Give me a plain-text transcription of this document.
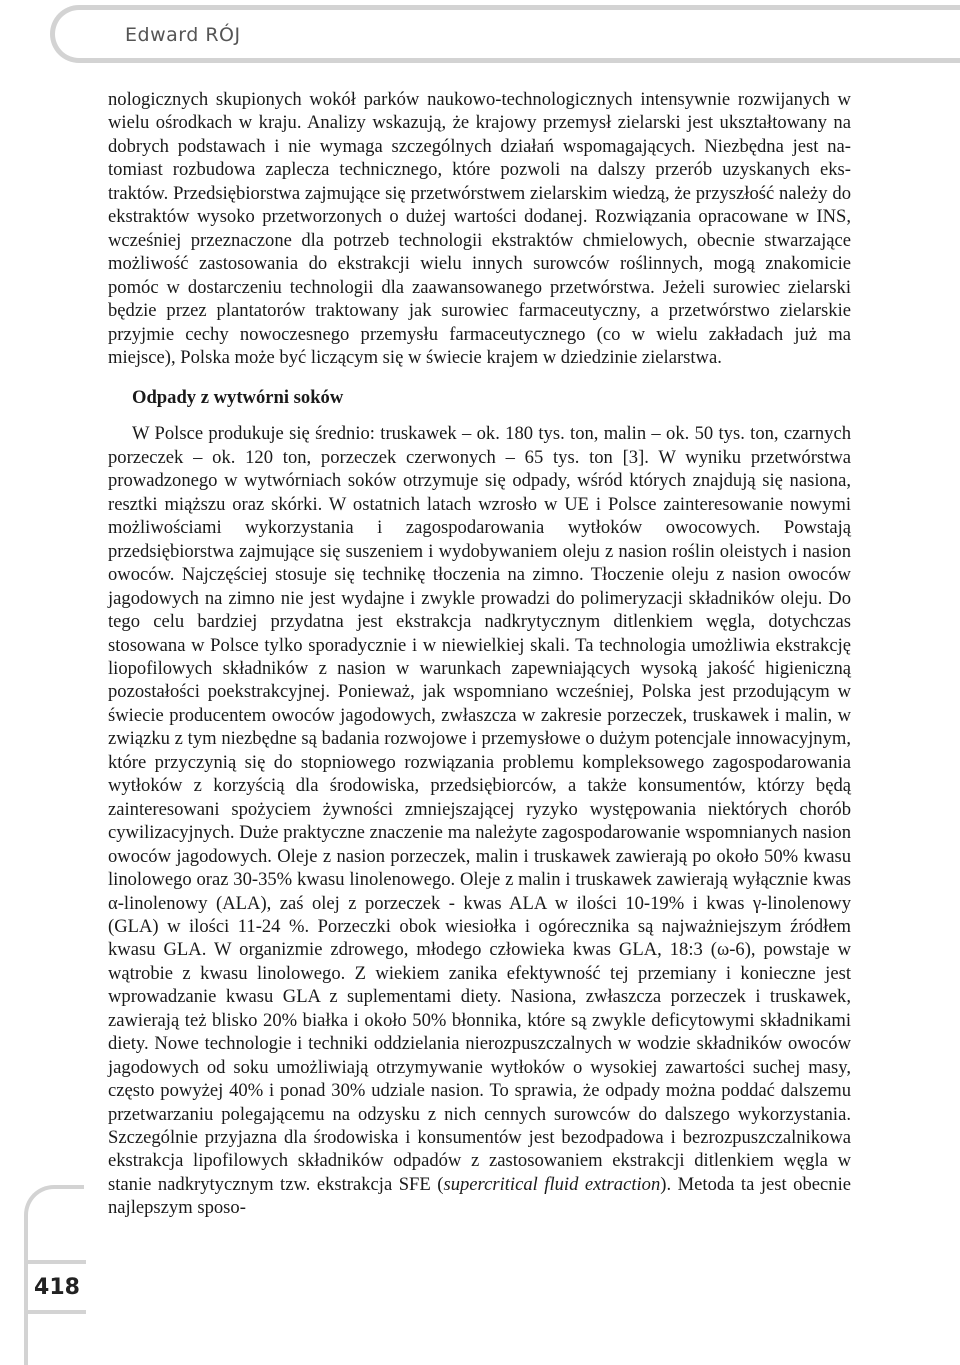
Edward RÓJ

nologicznych skupionych wokół parków naukowo-technologicznych intensywnie rozwijanych w wielu ośrodkach w kraju. Analizy wskazują, że krajowy przemysł zielarski jest ukształtowany na dobrych podstawach i nie wymaga szczególnych działań wspomagających. Niezbędna jest natomiast rozbudowa zaplecza technicznego, które pozwoli na dalszy przerób uzyskanych ekstraktów. Przedsiębiorstwa zajmujące się przetwórstwem zielarskim wiedzą, że przyszłość należy do ekstraktów wysoko przetworzonych o dużej wartości dodanej. Rozwiązania opracowane w INS, wcześniej przeznaczone dla potrzeb technologii ekstraktów chmielowych, obecnie stwarzające możliwość zastosowania do ekstrakcji wielu innych surowców roślinnych, mogą znakomicie pomóc w dostarczeniu technologii dla zaawansowanego przetwórstwa. Jeżeli surowiec zielarski będzie przez plantatorów traktowany jak surowiec farmaceutyczny, a przetwórstwo zielarskie przyjmie cechy nowoczesnego przemysłu farmaceutycznego (co w wielu zakładach już ma miejsce), Polska może być liczącym się w świecie krajem w dziedzinie zielarstwa.

Odpady z wytwórni soków

W Polsce produkuje się średnio: truskawek – ok. 180 tys. ton, malin – ok. 50 tys. ton, czarnych porzeczek – ok. 120 ton, porzeczek czerwonych – 65 tys. ton [3]. W wyniku przetwórstwa prowadzonego w wytwórniach soków otrzymuje się odpady, wśród których znajdują się nasiona, resztki miąższu oraz skórki. W ostatnich latach wzrosło w UE i Polsce zainteresowanie nowymi możliwościami wykorzystania i zagospodarowania wytłoków owocowych. Powstają przedsiębiorstwa zajmujące się suszeniem i wydobywaniem oleju z nasion roślin oleistych i nasion owoców. Najczęściej stosuje się technikę tłoczenia na zimno. Tłoczenie oleju z nasion owoców jagodowych na zimno nie jest wydajne i zwykle prowadzi do polimeryzacji składników oleju. Do tego celu bardziej przydatna jest ekstrakcja nadkrytycznym ditlenkiem węgla, dotychczas stosowana w Polsce tylko sporadycznie i w niewielkiej skali. Ta technologia umożliwia ekstrakcję liopofilowych składników z nasion w warunkach zapewniających wysoką jakość higieniczną pozostałości poekstrakcyjnej. Ponieważ, jak wspomniano wcześniej, Polska jest przodującym w świecie producentem owoców jagodowych, zwłaszcza w zakresie porzeczek, truskawek i malin, w związku z tym niezbędne są badania rozwojowe i przemysłowe o dużym potencjale innowacyjnym, które przyczynią się do stopniowego rozwiązania problemu kompleksowego zagospodarowania wytłoków z korzyścią dla środowiska, przedsiębiorców, a także konsumentów, którzy będą zainteresowani spożyciem żywności zmniejszającej ryzyko występowania niektórych chorób cywilizacyjnych. Duże praktyczne znaczenie ma należyte zagospodarowanie wspomnianych nasion owoców jagodowych. Oleje z nasion porzeczek, malin i truskawek zawierają po około 50% kwasu linolowego oraz 30-35% kwasu linolenowego. Oleje z malin i truskawek zawierają wyłącznie kwas α-linolenowy (ALA), zaś olej z porzeczek - kwas ALA w ilości 10-19% i kwas γ-linolenowy (GLA) w ilości 11-24 %. Porzeczki obok wiesiołka i ogórecznika są najważniejszym źródłem kwasu GLA. W organizmie zdrowego, młodego człowieka kwas GLA, 18:3 (ω-6), powstaje w wątrobie z kwasu linolowego. Z wiekiem zanika efektywność tej przemiany i konieczne jest wprowadzanie kwasu GLA z suplementami diety. Nasiona, zwłaszcza porzeczek i truskawek, zawierają też blisko 20% białka i około 50% błonnika, które są zwykle deficytowymi składnikami diety. Nowe technologie i techniki oddzielania nierozpuszczalnych w wodzie składników owoców jagodowych od soku umożliwiają otrzymywanie wytłoków o wysokiej zawartości suchej masy, często powyżej 40% i ponad 30% udziale nasion. To sprawia, że odpady można poddać dalszemu przetwarzaniu polegającemu na odzysku z nich cennych surowców do dalszego wykorzystania. Szczególnie przyjazna dla środowiska i konsumentów jest bezodpadowa i bezrozpuszczalnikowa ekstrakcja lipofilowych składników odpadów z zastosowaniem ekstrakcji ditlenkiem węgla w stanie nadkrytycznym tzw. ekstrakcja SFE (supercritical fluid extraction). Metoda ta jest obecnie najlepszym sposo-

418
